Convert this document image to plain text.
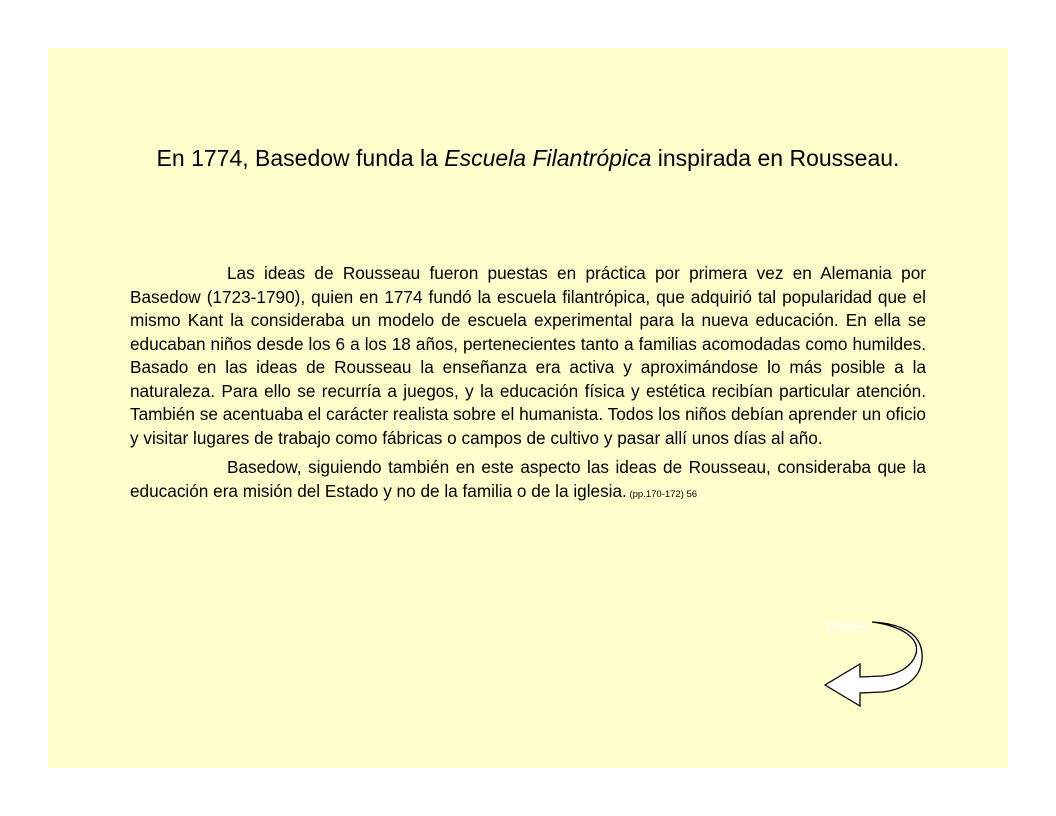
En 1774, Basedow funda la Escuela Filantrópica inspirada en Rousseau.

Las ideas de Rousseau fueron puestas en práctica por primera vez en Alemania por Basedow (1723-1790), quien en 1774 fundó la escuela filantrópica, que adquirió tal popularidad que el mismo Kant la consideraba un modelo de escuela experimental para la nueva educación. En ella se educaban niños desde los 6 a los 18 años, pertenecientes tanto a familias acomodadas como humildes. Basado en las ideas de Rousseau la enseñanza era activa y aproximándose lo más posible a la naturaleza. Para ello se recurría a juegos, y la educación física y estética recibían particular atención. También se acentuaba el carácter realista sobre el humanista. Todos los niños debían aprender un oficio y visitar lugares de trabajo como fábricas o campos de cultivo y pasar allí unos días al año.

Basedow, siguiendo también en este aspecto las ideas de Rousseau, consideraba que la educación era misión del Estado y no de la familia o de la iglesia. (pp.170-172) 56

Regreso
